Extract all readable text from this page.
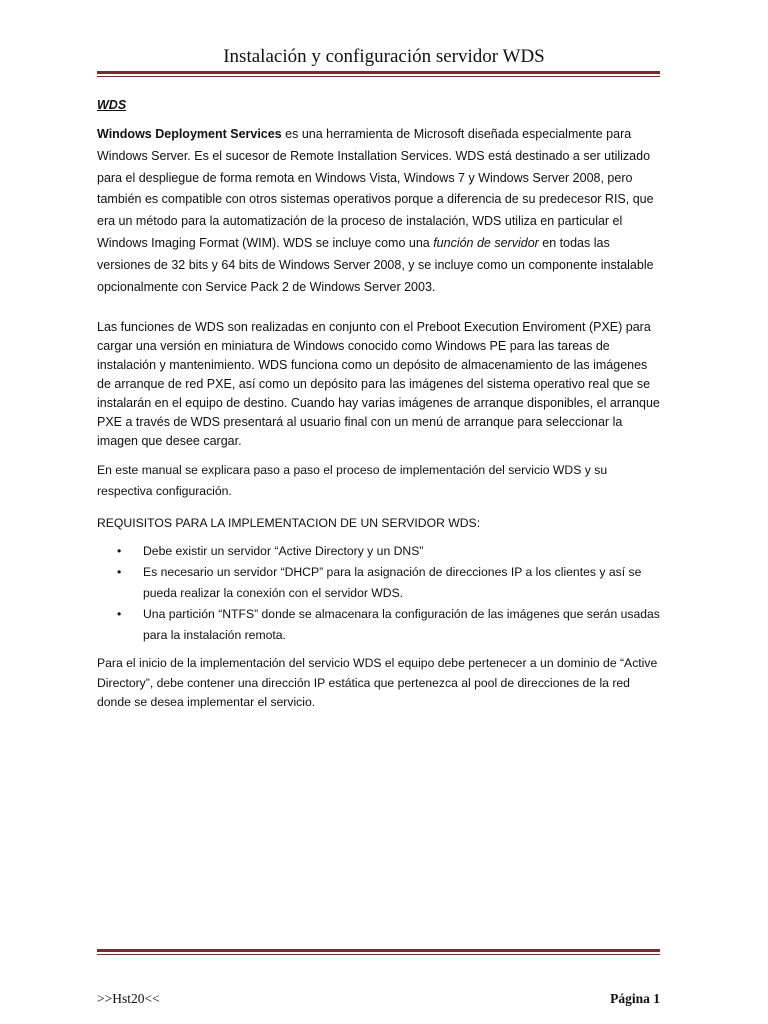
Instalación y configuración servidor WDS
WDS

Windows Deployment Services es una herramienta de Microsoft diseñada especialmente para Windows Server. Es el sucesor de Remote Installation Services. WDS está destinado a ser utilizado para el despliegue de forma remota en Windows Vista, Windows 7 y Windows Server 2008, pero también es compatible con otros sistemas operativos porque a diferencia de su predecesor RIS, que era un método para la automatización de la proceso de instalación, WDS utiliza en particular el Windows Imaging Format (WIM). WDS se incluye como una función de servidor en todas las versiones de 32 bits y 64 bits de Windows Server 2008, y se incluye como un componente instalable opcionalmente con Service Pack 2 de Windows Server 2003.

Las funciones de WDS son realizadas en conjunto con el Preboot Execution Enviroment (PXE) para cargar una versión en miniatura de Windows conocido como Windows PE para las tareas de instalación y mantenimiento. WDS funciona como un depósito de almacenamiento de las imágenes de arranque de red PXE, así como un depósito para las imágenes del sistema operativo real que se instalarán en el equipo de destino. Cuando hay varias imágenes de arranque disponibles, el arranque PXE a través de WDS presentará al usuario final con un menú de arranque para seleccionar la imagen que desee cargar.

En este manual se explicara paso a paso el proceso de implementación del servicio WDS y su respectiva configuración.

REQUISITOS PARA LA IMPLEMENTACION DE UN SERVIDOR WDS:

• Debe existir un servidor “Active Directory y un DNS”
• Es necesario un servidor “DHCP” para la asignación de direcciones IP a los clientes y así se pueda realizar la conexión con el servidor WDS.
• Una partición “NTFS” donde se almacenara la configuración de las imágenes que serán usadas para la instalación remota.

Para el inicio de la implementación del servicio WDS el equipo debe pertenecer a un dominio de “Active Directory”, debe contener una dirección IP estática que pertenezca al pool de direcciones de la red donde se desea implementar el servicio.

>>Hst20<<	Página 1
